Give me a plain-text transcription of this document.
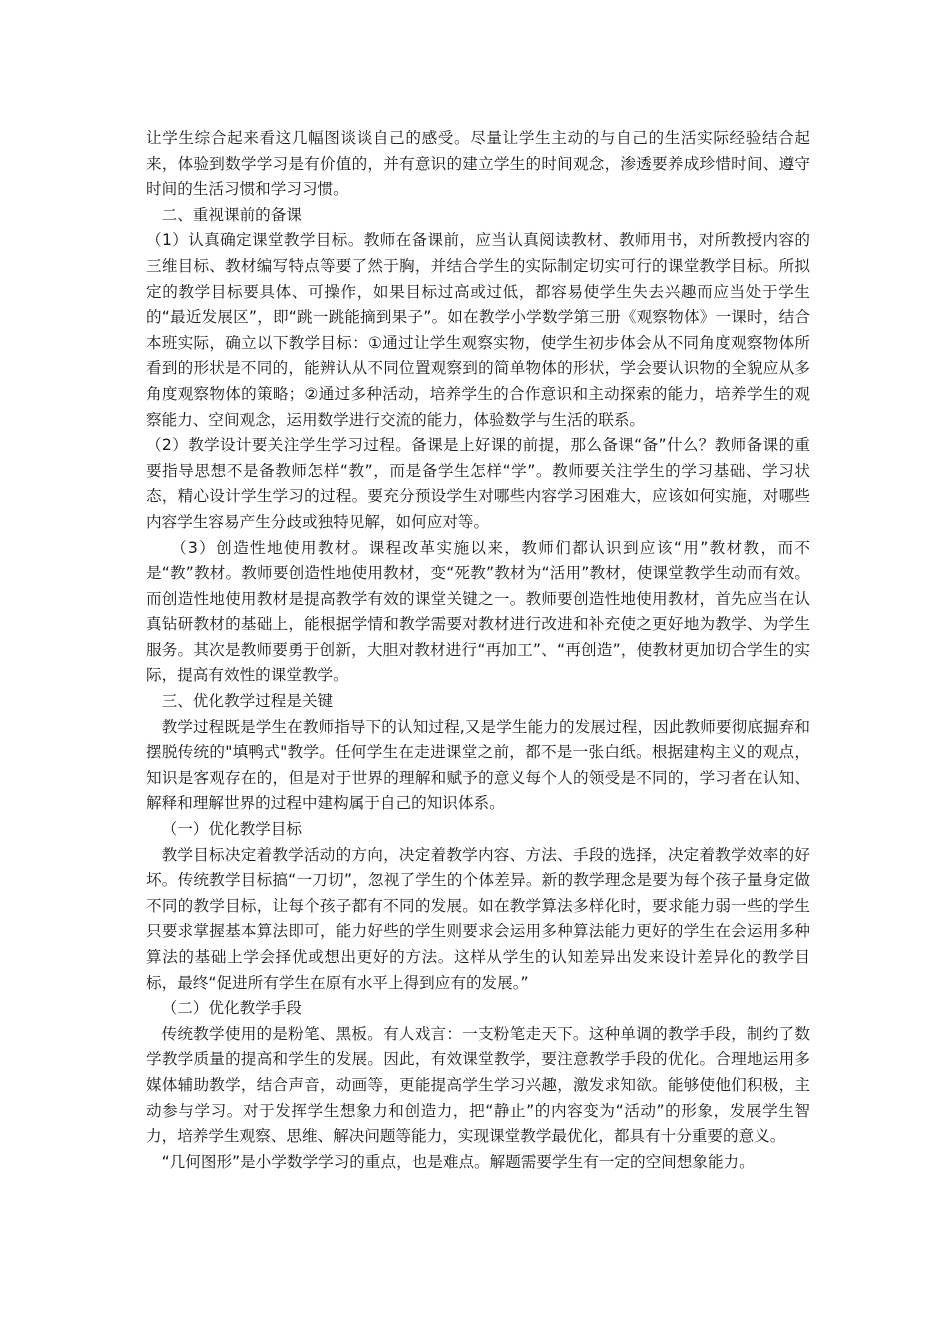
让学生综合起来看这几幅图谈谈自己的感受。尽量让学生主动的与自己的生活实际经验结合起来，体验到数学学习是有价值的，并有意识的建立学生的时间观念，渗透要养成珍惜时间、遵守时间的生活习惯和学习习惯。

二、重视课前的备课

（1）认真确定课堂教学目标。教师在备课前，应当认真阅读教材、教师用书，对所教授内容的三维目标、教材编写特点等要了然于胸，并结合学生的实际制定切实可行的课堂教学目标。所拟定的教学目标要具体、可操作，如果目标过高或过低，都容易使学生失去兴趣而应当处于学生的“最近发展区”，即“跳一跳能摘到果子”。如在教学小学数学第三册《观察物体》一课时，结合本班实际，确立以下教学目标：①通过让学生观察实物，使学生初步体会从不同角度观察物体所看到的形状是不同的，能辨认从不同位置观察到的简单物体的形状，学会要认识物的全貌应从多角度观察物体的策略；②通过多种活动，培养学生的合作意识和主动探索的能力，培养学生的观察能力、空间观念，运用数学进行交流的能力，体验数学与生活的联系。

（2）教学设计要关注学生学习过程。备课是上好课的前提，那么备课“备”什么？教师备课的重要指导思想不是备教师怎样“教”，而是备学生怎样“学”。教师要关注学生的学习基础、学习状态，精心设计学生学习的过程。要充分预设学生对哪些内容学习困难大，应该如何实施，对哪些内容学生容易产生分歧或独特见解，如何应对等。

（3）创造性地使用教材。课程改革实施以来，教师们都认识到应该“用”教材教，而不是“教”教材。教师要创造性地使用教材，变“死教”教材为“活用”教材，使课堂教学生动而有效。而创造性地使用教材是提高教学有效的课堂关键之一。教师要创造性地使用教材，首先应当在认真钻研教材的基础上，能根据学情和教学需要对教材进行改进和补充使之更好地为教学、为学生服务。其次是教师要勇于创新，大胆对教材进行“再加工”、“再创造”，使教材更加切合学生的实际，提高有效性的课堂教学。

三、优化教学过程是关键

教学过程既是学生在教师指导下的认知过程,又是学生能力的发展过程，因此教师要彻底掘弃和摆脱传统的"填鸭式"教学。任何学生在走进课堂之前，都不是一张白纸。根据建构主义的观点，知识是客观存在的，但是对于世界的理解和赋予的意义每个人的领受是不同的，学习者在认知、解释和理解世界的过程中建构属于自己的知识体系。

（一）优化教学目标

教学目标决定着教学活动的方向，决定着教学内容、方法、手段的选择，决定着教学效率的好坏。传统教学目标搞“一刀切”，忽视了学生的个体差异。新的教学理念是要为每个孩子量身定做不同的教学目标，让每个孩子都有不同的发展。如在教学算法多样化时，要求能力弱一些的学生只要求掌握基本算法即可，能力好些的学生则要求会运用多种算法能力更好的学生在会运用多种算法的基础上学会择优或想出更好的方法。这样从学生的认知差异出发来设计差异化的教学目标，最终“促进所有学生在原有水平上得到应有的发展。”

（二）优化教学手段

传统教学使用的是粉笔、黑板。有人戏言：一支粉笔走天下。这种单调的教学手段，制约了数学教学质量的提高和学生的发展。因此，有效课堂教学，要注意教学手段的优化。合理地运用多媒体辅助教学，结合声音，动画等，更能提高学生学习兴趣，激发求知欲。能够使他们积极，主动参与学习。对于发挥学生想象力和创造力，把“静止”的内容变为“活动”的形象，发展学生智力，培养学生观察、思维、解决问题等能力，实现课堂教学最优化，都具有十分重要的意义。

“几何图形”是小学数学学习的重点，也是难点。解题需要学生有一定的空间想象能力。
